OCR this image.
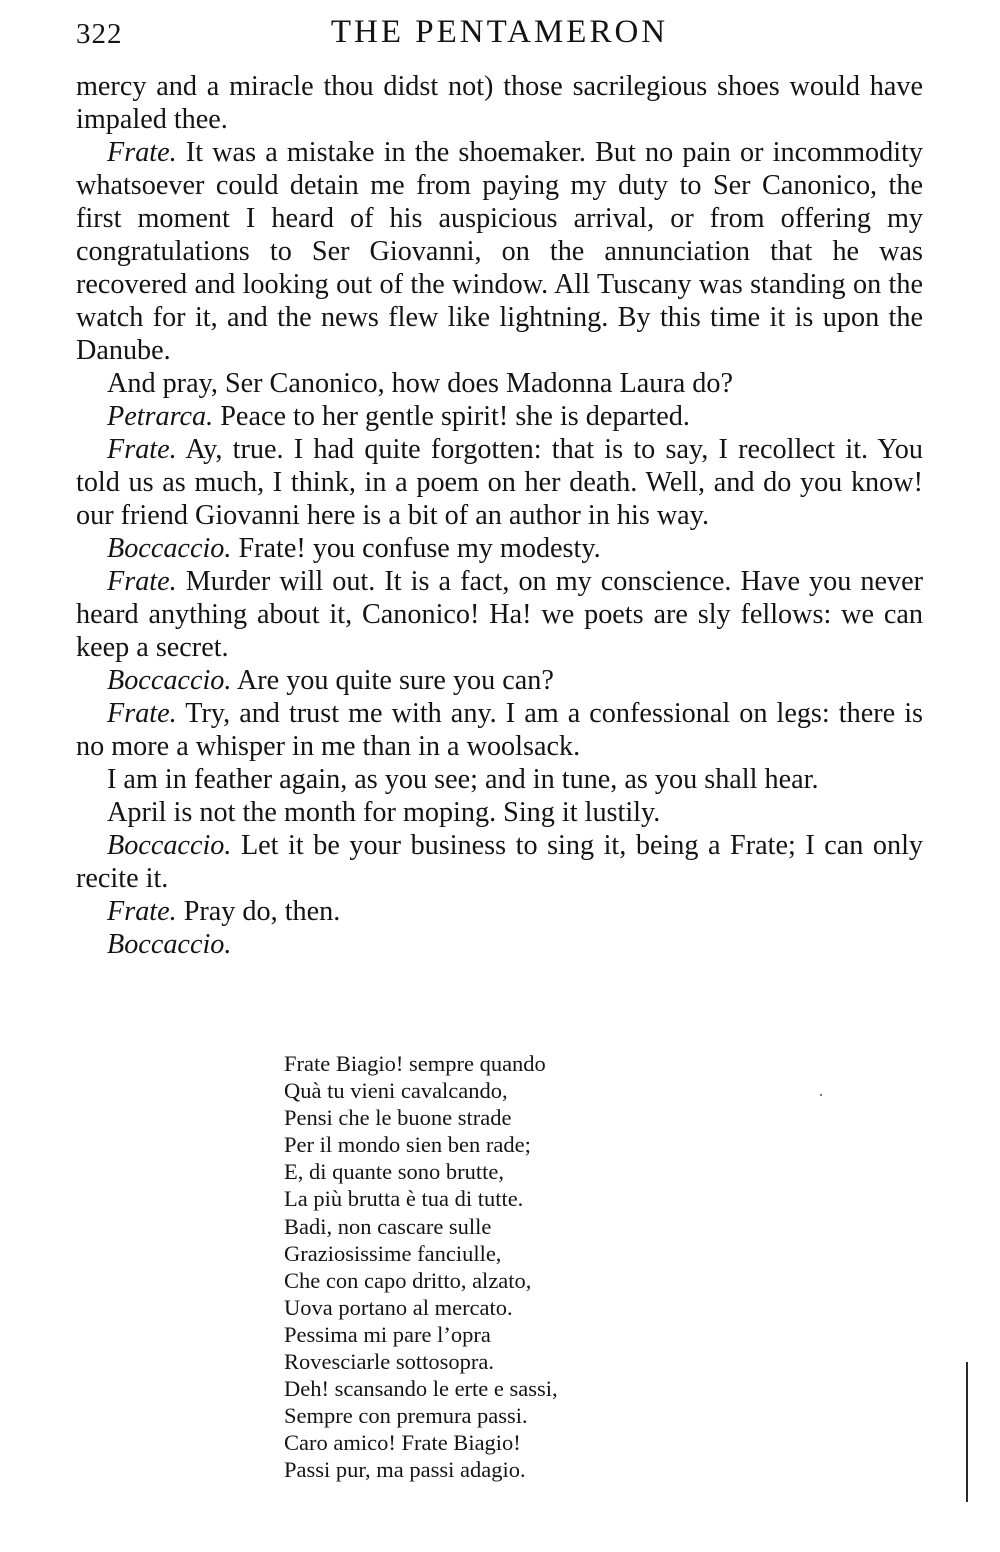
322	THE PENTAMERON

mercy and a miracle thou didst not) those sacrilegious shoes would have impaled thee.

Frate. It was a mistake in the shoemaker. But no pain or incommodity whatsoever could detain me from paying my duty to Ser Canonico, the first moment I heard of his auspicious arrival, or from offering my congratulations to Ser Giovanni, on the annunciation that he was recovered and looking out of the window. All Tuscany was standing on the watch for it, and the news flew like lightning. By this time it is upon the Danube.

And pray, Ser Canonico, how does Madonna Laura do?

Petrarca. Peace to her gentle spirit! she is departed.

Frate. Ay, true. I had quite forgotten: that is to say, I recollect it. You told us as much, I think, in a poem on her death. Well, and do you know! our friend Giovanni here is a bit of an author in his way.

Boccaccio. Frate! you confuse my modesty.

Frate. Murder will out. It is a fact, on my conscience. Have you never heard anything about it, Canonico! Ha! we poets are sly fellows: we can keep a secret.

Boccaccio. Are you quite sure you can?

Frate. Try, and trust me with any. I am a confessional on legs: there is no more a whisper in me than in a woolsack.

I am in feather again, as you see; and in tune, as you shall hear.

April is not the month for moping. Sing it lustily.

Boccaccio. Let it be your business to sing it, being a Frate; I can only recite it.

Frate. Pray do, then.

Boccaccio.

Frate Biagio! sempre quando
Quà tu vieni cavalcando,
Pensi che le buone strade
Per il mondo sien ben rade;
E, di quante sono brutte,
La più brutta è tua di tutte.
Badi, non cascare sulle
Graziosissime fanciulle,
Che con capo dritto, alzato,
Uova portano al mercato.
Pessima mi pare l’opra
Rovesciarle sottosopra.
Deh! scansando le erte e sassi,
Sempre con premura passi.
Caro amico! Frate Biagio!
Passi pur, ma passi adagio.
